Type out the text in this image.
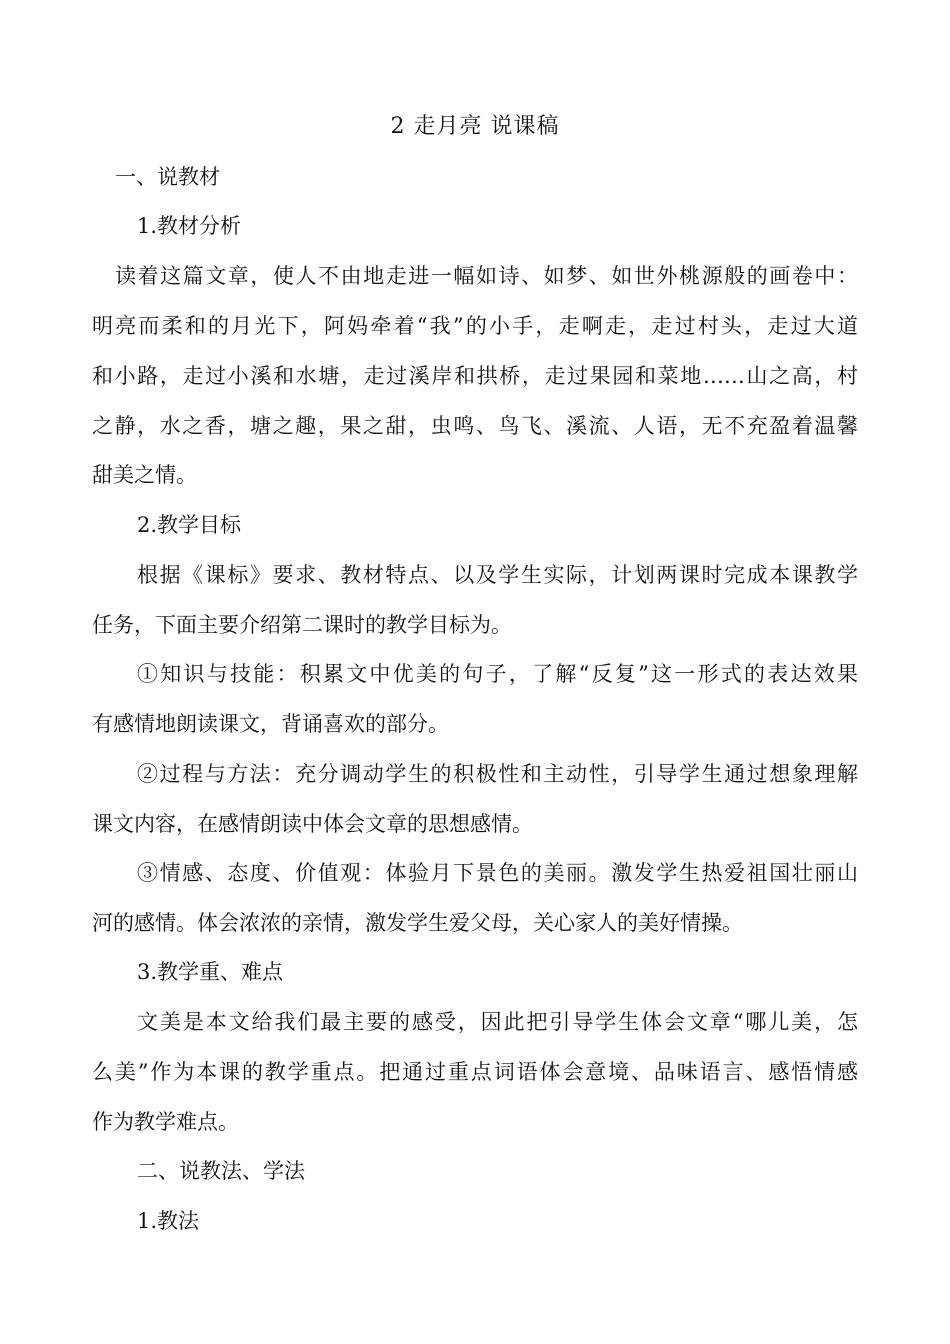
2 走月亮 说课稿
一、说教材
1.教材分析
读着这篇文章，使人不由地走进一幅如诗、如梦、如世外桃源般的画卷中：
明亮而柔和的月光下，阿妈牵着“我”的小手，走啊走，走过村头，走过大道
和小路，走过小溪和水塘，走过溪岸和拱桥，走过果园和菜地……山之高，村
之静，水之香，塘之趣，果之甜，虫鸣、鸟飞、溪流、人语，无不充盈着温馨
甜美之情。
2.教学目标
根据《课标》要求、教材特点、以及学生实际，计划两课时完成本课教学
任务，下面主要介绍第二课时的教学目标为。
①知识与技能：积累文中优美的句子，了解“反复”这一形式的表达效果
有感情地朗读课文，背诵喜欢的部分。
②过程与方法：充分调动学生的积极性和主动性，引导学生通过想象理解
课文内容，在感情朗读中体会文章的思想感情。
③情感、态度、价值观：体验月下景色的美丽。激发学生热爱祖国壮丽山
河的感情。体会浓浓的亲情，激发学生爱父母，关心家人的美好情操。
3.教学重、难点
文美是本文给我们最主要的感受，因此把引导学生体会文章“哪儿美，怎
么美”作为本课的教学重点。把通过重点词语体会意境、品味语言、感悟情感
作为教学难点。
二、说教法、学法
1.教法
